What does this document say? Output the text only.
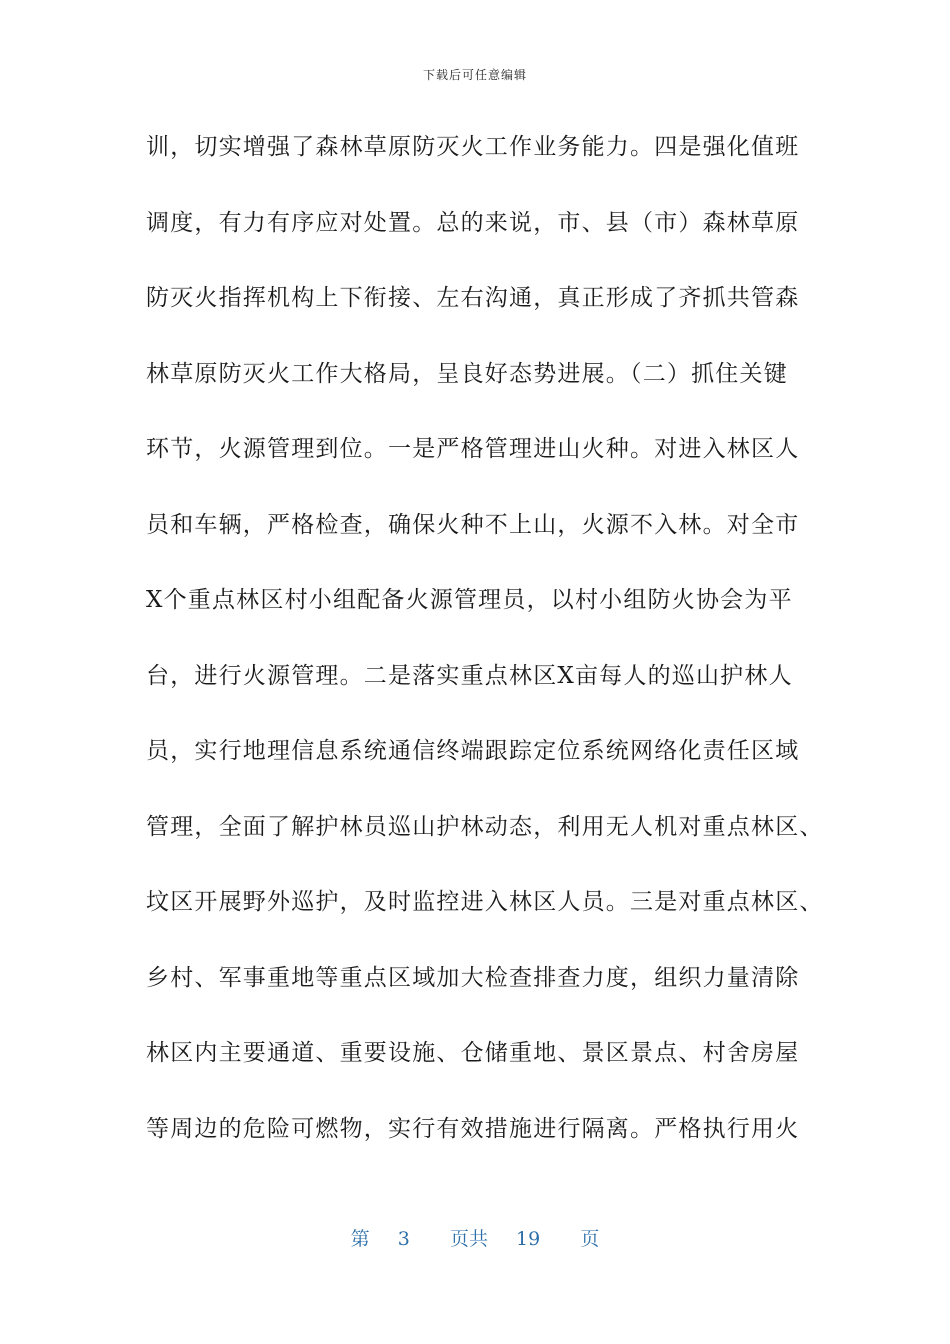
下载后可任意编辑
训，切实增强了森林草原防灭火工作业务能力。四是强化值班
调度，有力有序应对处置。总的来说，市、县（市）森林草原
防灭火指挥机构上下衔接、左右沟通，真正形成了齐抓共管森
林草原防灭火工作大格局，呈良好态势进展。（二）抓住关键
环节，火源管理到位。一是严格管理进山火种。对进入林区人
员和车辆，严格检查，确保火种不上山，火源不入林。对全市
X个重点林区村小组配备火源管理员，以村小组防火协会为平
台，进行火源管理。二是落实重点林区X亩每人的巡山护林人
员，实行地理信息系统通信终端跟踪定位系统网络化责任区域
管理，全面了解护林员巡山护林动态，利用无人机对重点林区、
坟区开展野外巡护，及时监控进入林区人员。三是对重点林区、
乡村、军事重地等重点区域加大检查排查力度，组织力量清除
林区内主要通道、重要设施、仓储重地、景区景点、村舍房屋
等周边的危险可燃物，实行有效措施进行隔离。严格执行用火
第 3 页共 19 页
